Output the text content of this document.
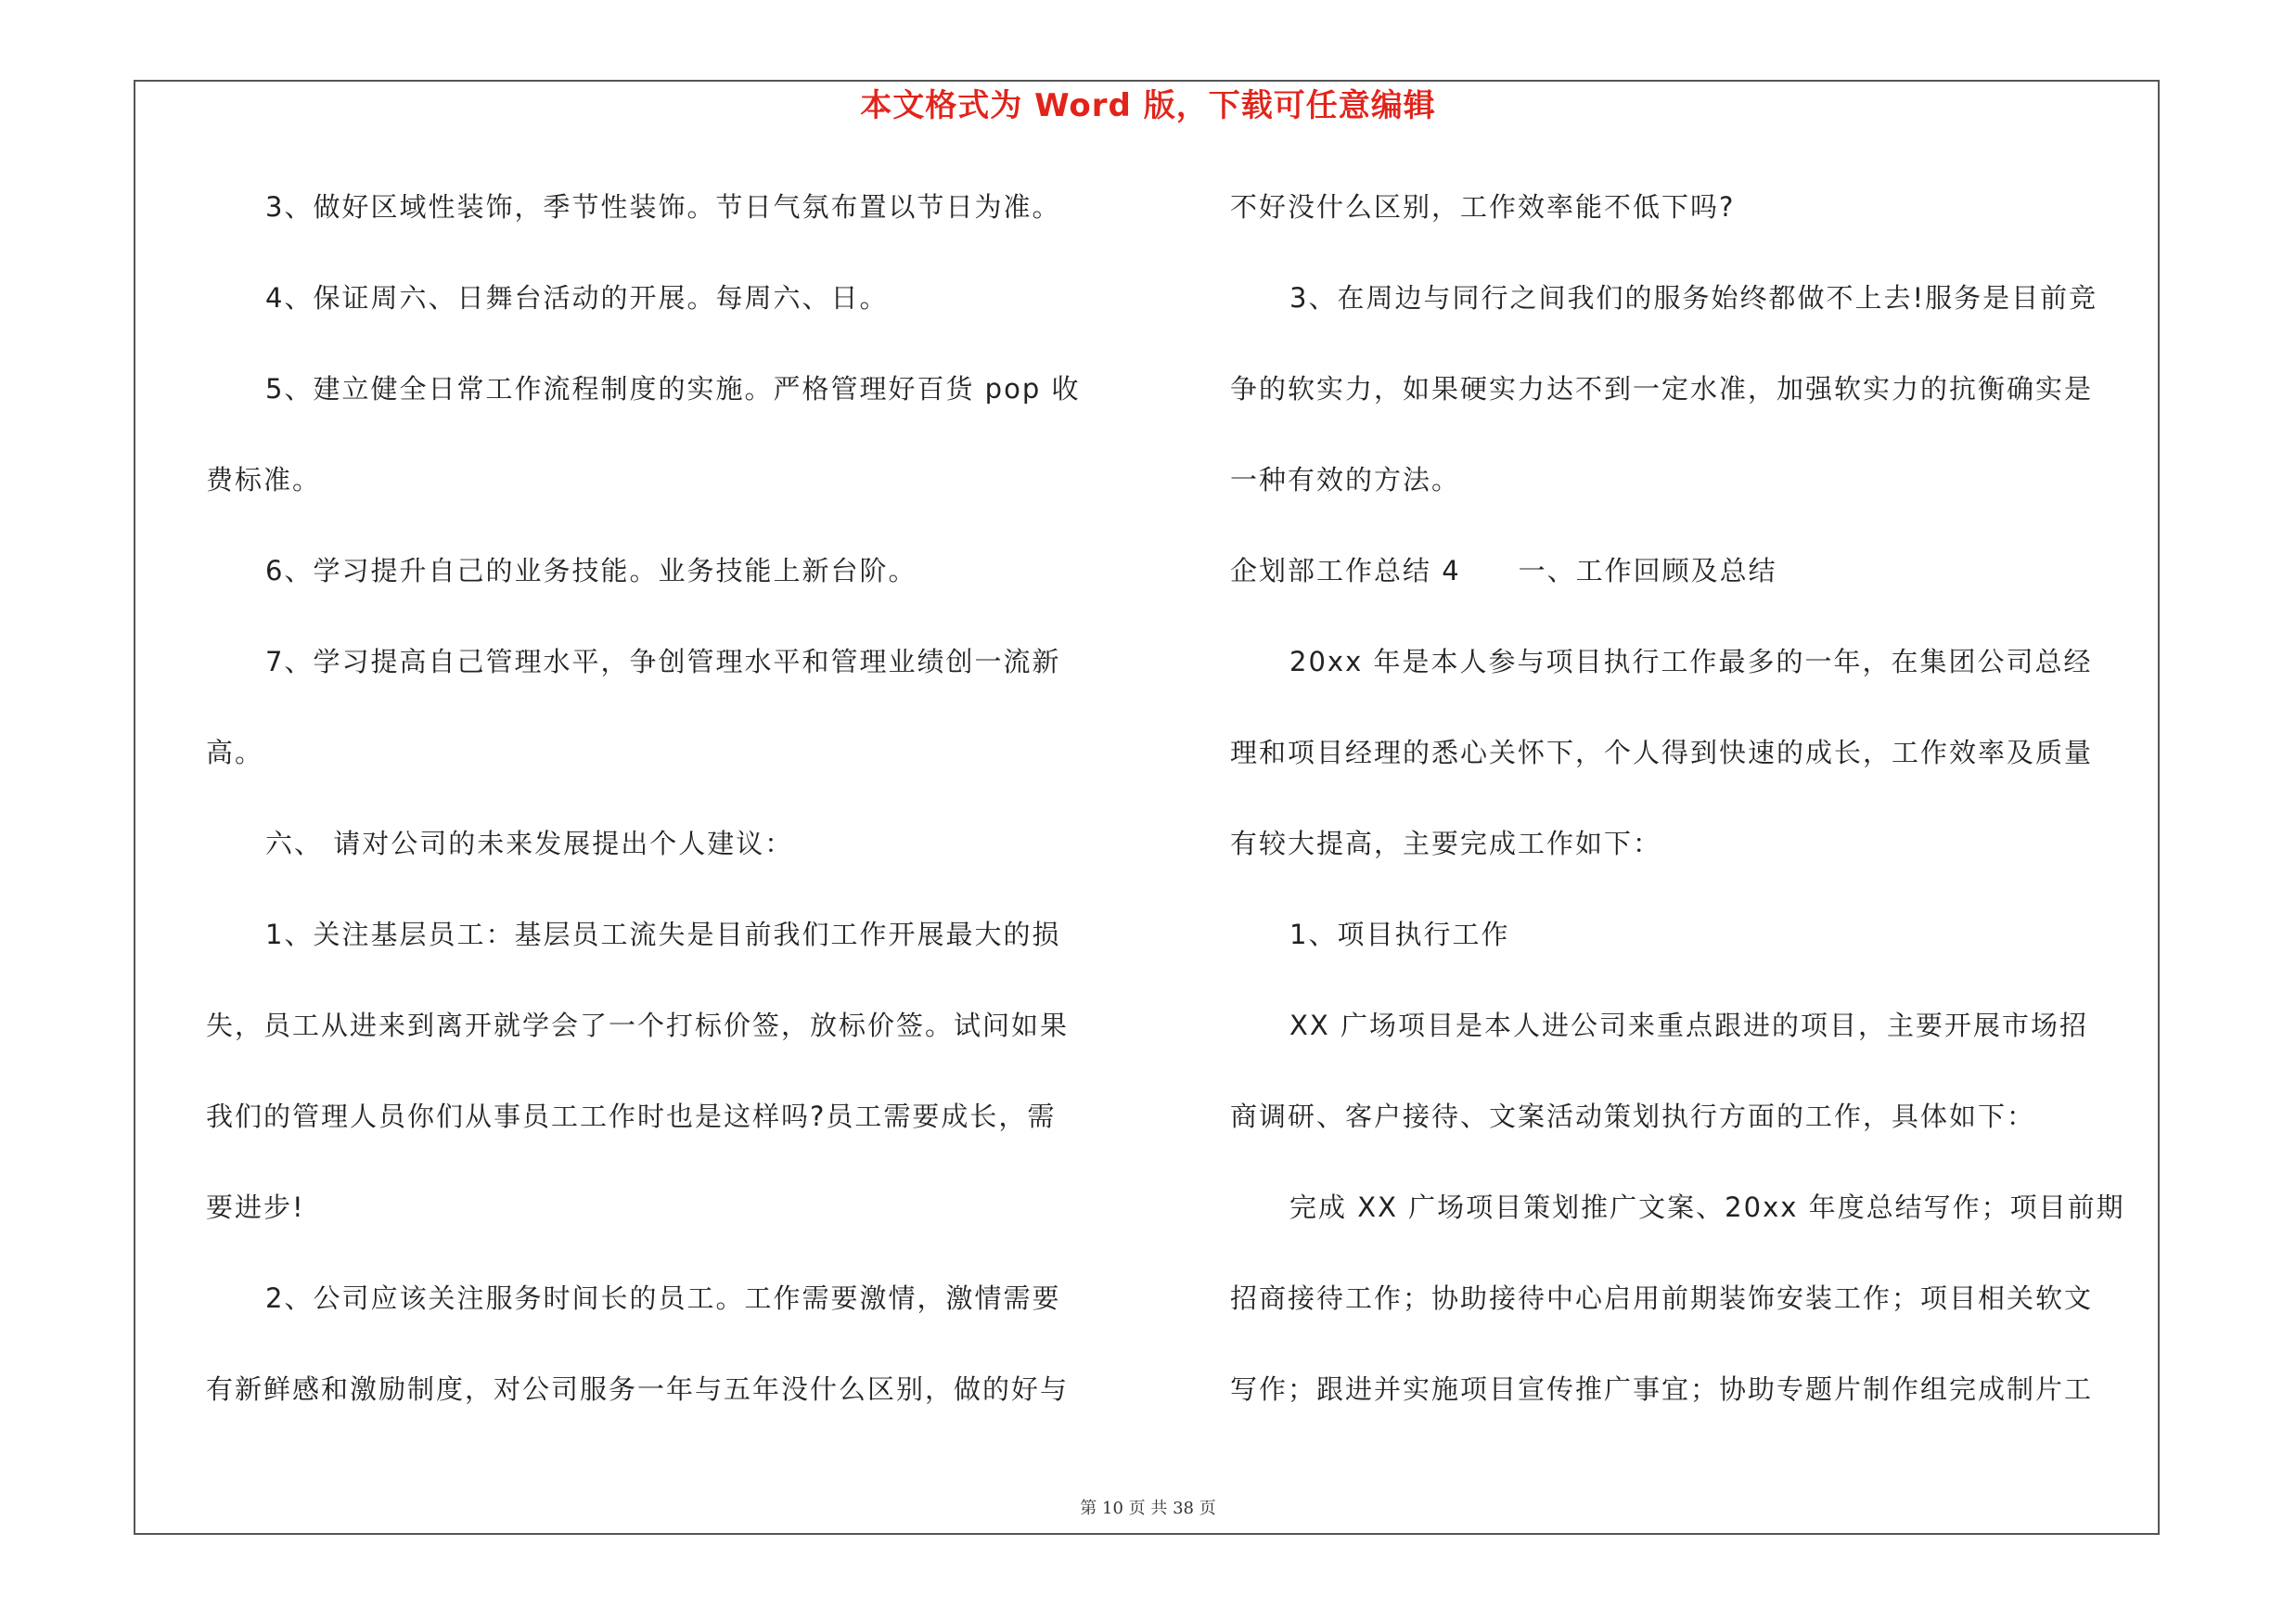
本文格式为 Word 版，下载可任意编辑
3、做好区域性装饰，季节性装饰。节日气氛布置以节日为准。
4、保证周六、日舞台活动的开展。每周六、日。
5、建立健全日常工作流程制度的实施。严格管理好百货 pop 收
费标准。
6、学习提升自己的业务技能。业务技能上新台阶。
7、学习提高自己管理水平，争创管理水平和管理业绩创一流新
高。
六、 请对公司的未来发展提出个人建议：
1、关注基层员工：基层员工流失是目前我们工作开展最大的损
失，员工从进来到离开就学会了一个打标价签，放标价签。试问如果
我们的管理人员你们从事员工工作时也是这样吗?员工需要成长，需
要进步!
2、公司应该关注服务时间长的员工。工作需要激情，激情需要
有新鲜感和激励制度，对公司服务一年与五年没什么区别，做的好与
不好没什么区别，工作效率能不低下吗?
3、在周边与同行之间我们的服务始终都做不上去!服务是目前竞
争的软实力，如果硬实力达不到一定水准，加强软实力的抗衡确实是
一种有效的方法。
企划部工作总结 4　　一、工作回顾及总结
20xx 年是本人参与项目执行工作最多的一年，在集团公司总经
理和项目经理的悉心关怀下，个人得到快速的成长，工作效率及质量
有较大提高，主要完成工作如下：
1、项目执行工作
XX 广场项目是本人进公司来重点跟进的项目，主要开展市场招
商调研、客户接待、文案活动策划执行方面的工作，具体如下：
完成 XX 广场项目策划推广文案、20xx 年度总结写作；项目前期
招商接待工作；协助接待中心启用前期装饰安装工作；项目相关软文
写作；跟进并实施项目宣传推广事宜；协助专题片制作组完成制片工
第 10 页 共 38 页
